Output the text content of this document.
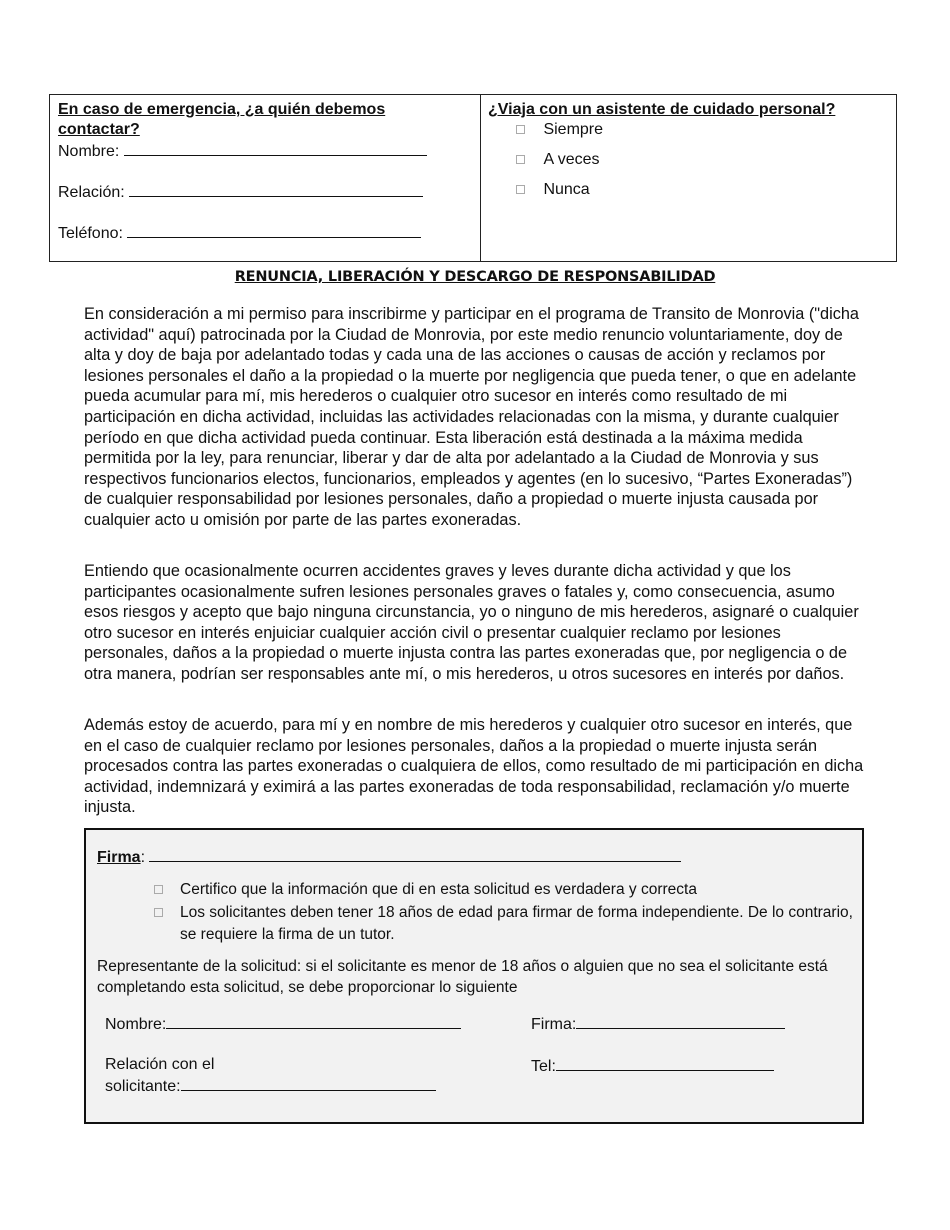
En caso de emergencia, ¿a quién debemos
contactar?
Nombre:
Relación:
Teléfono:
¿Viaja con un asistente de cuidado personal?
Siempre
A veces
Nunca
RENUNCIA, LIBERACIÓN Y DESCARGO DE RESPONSABILIDAD

En consideración a mi permiso para inscribirme y participar en el programa de Transito de Monrovia ("dicha actividad" aquí) patrocinada por la Ciudad de Monrovia, por este medio renuncio voluntariamente, doy de alta y doy de baja por adelantado todas y cada una de las acciones o causas de acción y reclamos por lesiones personales el daño a la propiedad o la muerte por negligencia que pueda tener, o que en adelante pueda acumular para mí, mis herederos o cualquier otro sucesor en interés como resultado de mi participación en dicha actividad, incluidas las actividades relacionadas con la misma, y durante cualquier período en que dicha actividad pueda continuar. Esta liberación está destinada a la máxima medida permitida por la ley, para renunciar, liberar y dar de alta por adelantado a la Ciudad de Monrovia y sus respectivos funcionarios electos, funcionarios, empleados y agentes (en lo sucesivo, “Partes Exoneradas”) de cualquier responsabilidad por lesiones personales, daño a propiedad o muerte injusta causada por cualquier acto u omisión por parte de las partes exoneradas.

Entiendo que ocasionalmente ocurren accidentes graves y leves durante dicha actividad y que los participantes ocasionalmente sufren lesiones personales graves o fatales y, como consecuencia, asumo esos riesgos y acepto que bajo ninguna circunstancia, yo o ninguno de mis herederos, asignaré o cualquier otro sucesor en interés enjuiciar cualquier acción civil o presentar cualquier reclamo por lesiones personales, daños a la propiedad o muerte injusta contra las partes exoneradas que, por negligencia o de otra manera, podrían ser responsables ante mí, o mis herederos, u otros sucesores en interés por daños.

Además estoy de acuerdo, para mí y en nombre de mis herederos y cualquier otro sucesor en interés, que en el caso de cualquier reclamo por lesiones personales, daños a la propiedad o muerte injusta serán procesados contra las partes exoneradas o cualquiera de ellos, como resultado de mi participación en dicha actividad, indemnizará y eximirá a las partes exoneradas de toda responsabilidad, reclamación y/o muerte injusta.

Firma:
Certifico que la información que di en esta solicitud es verdadera y correcta
Los solicitantes deben tener 18 años de edad para firmar de forma independiente. De lo contrario, se requiere la firma de un tutor.
Representante de la solicitud: si el solicitante es menor de 18 años o alguien que no sea el solicitante está completando esta solicitud, se debe proporcionar lo siguiente
Nombre:	Firma:
Relación con el
solicitante:
Tel:
